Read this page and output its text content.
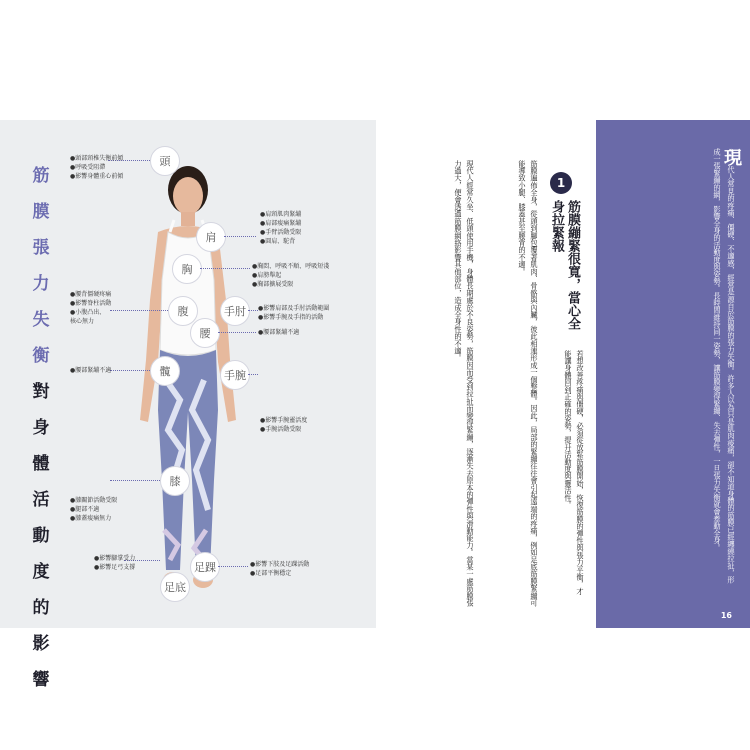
筋
膜
張
力
失
衡
對
身
體
活
動
度
的
影
響
頭
肩
胸
腹	手肘
腰
手腕
髖
膝
足踝
足底
●頭部頸椎失衡前傾
●呼吸受阻滯
●影響身體重心前傾
●肩頸肌肉緊繃
●肩部痠痛緊繃
●手臂活動受限
●圓肩、駝背
●胸悶、呼吸不順、呼吸短淺
●肩膀舉起
●胸部擴展受限
●腰背僵硬疼痛
●影響脊柱活動
●小腹凸出、
核心無力
●影響肩部及手肘活動範圍
●影響手腕及手指的活動
●腰部緊繃不適
●腰部緊繃不適
●影響手腕靈活度
●手腕活動受限
●膝關節活動受限
●腿部不適
●膝蓋痠痛無力
●影響下肢及足踝活動
●足部平衡穩定
●影響腳掌受力
●影響足弓支撐	現代人經常久坐、低頭使用手機，身體長期處於不良姿勢，筋膜因而受到拉扯而變得緊繃，逐漸失去原本的彈性與滑動能力。當某一處筋膜張力過大，便會透過筋膜網絡影響其他部位，造成全身性的不適。	筋膜遍佈全身，從頭到腳包覆著肌肉、骨骼與內臟，彼此相連形成一個整體。因此，局部的緊繃往往會引起遠端的疼痛，例如足底筋膜緊繃可能導致小腿、膝蓋甚至腰背的不適。	1
筋膜繃緊很寬，當心全身拉緊報
若想改善疼痛與僵硬，必須從放鬆筋膜開始，恢復筋膜的彈性與張力平衡，才能讓身體回到正確的姿勢，提升活動度與靈活性。
現代人常見的疼痛、僵硬、不適感，經常是源自於筋膜的張力失衡。許多人以為只是肌肉痠痛，卻不知道身體的筋膜已經纏繞拉扯，形成一張緊繃的網，影響全身的活動度與姿勢。長時間維持同一姿勢，讓筋膜變得緊繃、失去彈性，一旦張力失衡就會牽動全身。
16
